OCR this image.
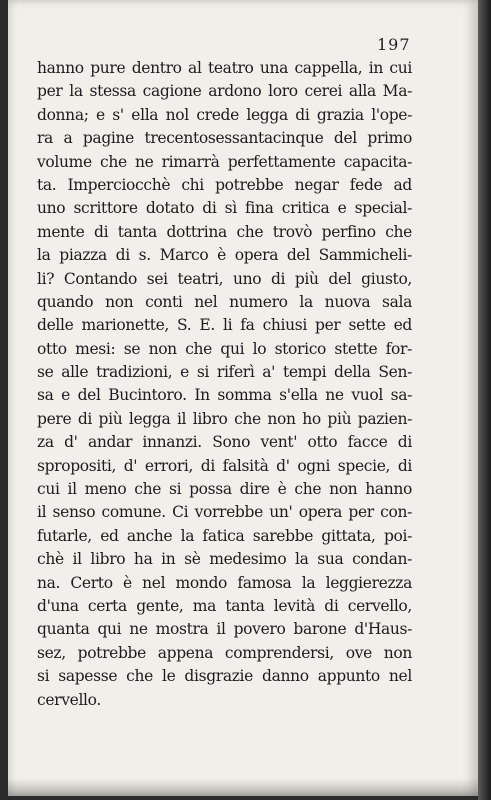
197
hanno pure dentro al teatro una cappella, in cui
per la stessa cagione ardono loro cerei alla Ma-
donna; e s' ella nol crede legga di grazia l'ope-
ra a pagine trecentosessantacinque del primo
volume che ne rimarrà perfettamente capacita-
ta. Imperciocchè chi potrebbe negar fede ad
uno scrittore dotato di sì fina critica e special-
mente di tanta dottrina che trovò perfino che
la piazza di s. Marco è opera del Sammicheli-
li? Contando sei teatri, uno di più del giusto,
quando non conti nel numero la nuova sala
delle marionette, S. E. li fa chiusi per sette ed
otto mesi: se non che qui lo storico stette for-
se alle tradizioni, e si riferì a' tempi della Sen-
sa e del Bucintoro. In somma s'ella ne vuol sa-
pere di più legga il libro che non ho più pazien-
za d' andar innanzi. Sono vent' otto facce di
spropositi, d' errori, di falsità d' ogni specie, di
cui il meno che si possa dire è che non hanno
il senso comune. Ci vorrebbe un' opera per con-
futarle, ed anche la fatica sarebbe gittata, poi-
chè il libro ha in sè medesimo la sua condan-
na. Certo è nel mondo famosa la leggierezza
d'una certa gente, ma tanta levità di cervello,
quanta qui ne mostra il povero barone d'Haus-
sez, potrebbe appena comprendersi, ove non
si sapesse che le disgrazie danno appunto nel
cervello.
